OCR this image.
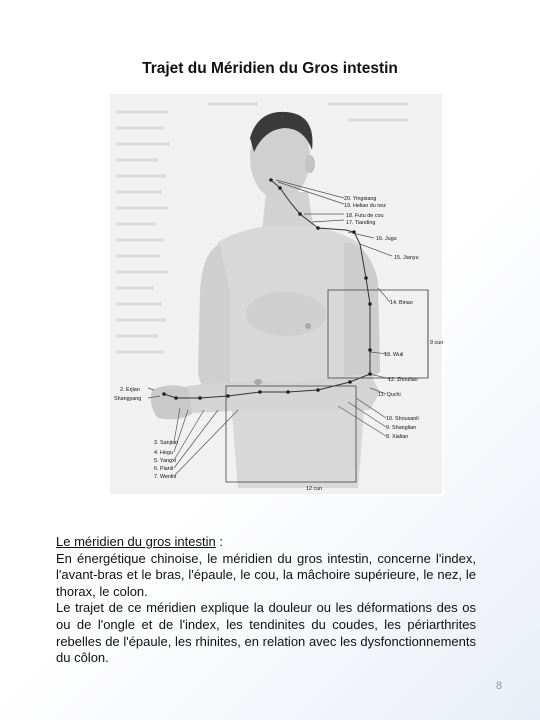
Trajet du Méridien du Gros intestin
20. Yingxiang
19. Heliao du nez
18. Futu de cou
17. Tianding
16. Jugu
15. Jianyu
14. Binao
9 cun
13. Wuli
12. Zhouliao
11. Quchi
10. Shousanli
9. Shanglian
8. Xialian
2. Erjian
Shangyang
3. Sanjian
4. Hegu
5. Yangxi
6. Pianli
7. Wenliu
12 cun
Le méridien du gros intestin :

En énergétique chinoise, le méridien du gros intestin, concerne l'index, l'avant-bras et le bras, l'épaule, le cou, la mâchoire supérieure, le nez, le thorax, le colon.

Le trajet de ce méridien explique la douleur ou les déformations des os ou de l'ongle et de l'index, les tendinites du coudes, les périarthrites rebelles de l'épaule, les rhinites, en relation avec les dysfonctionnements du côlon.

8
